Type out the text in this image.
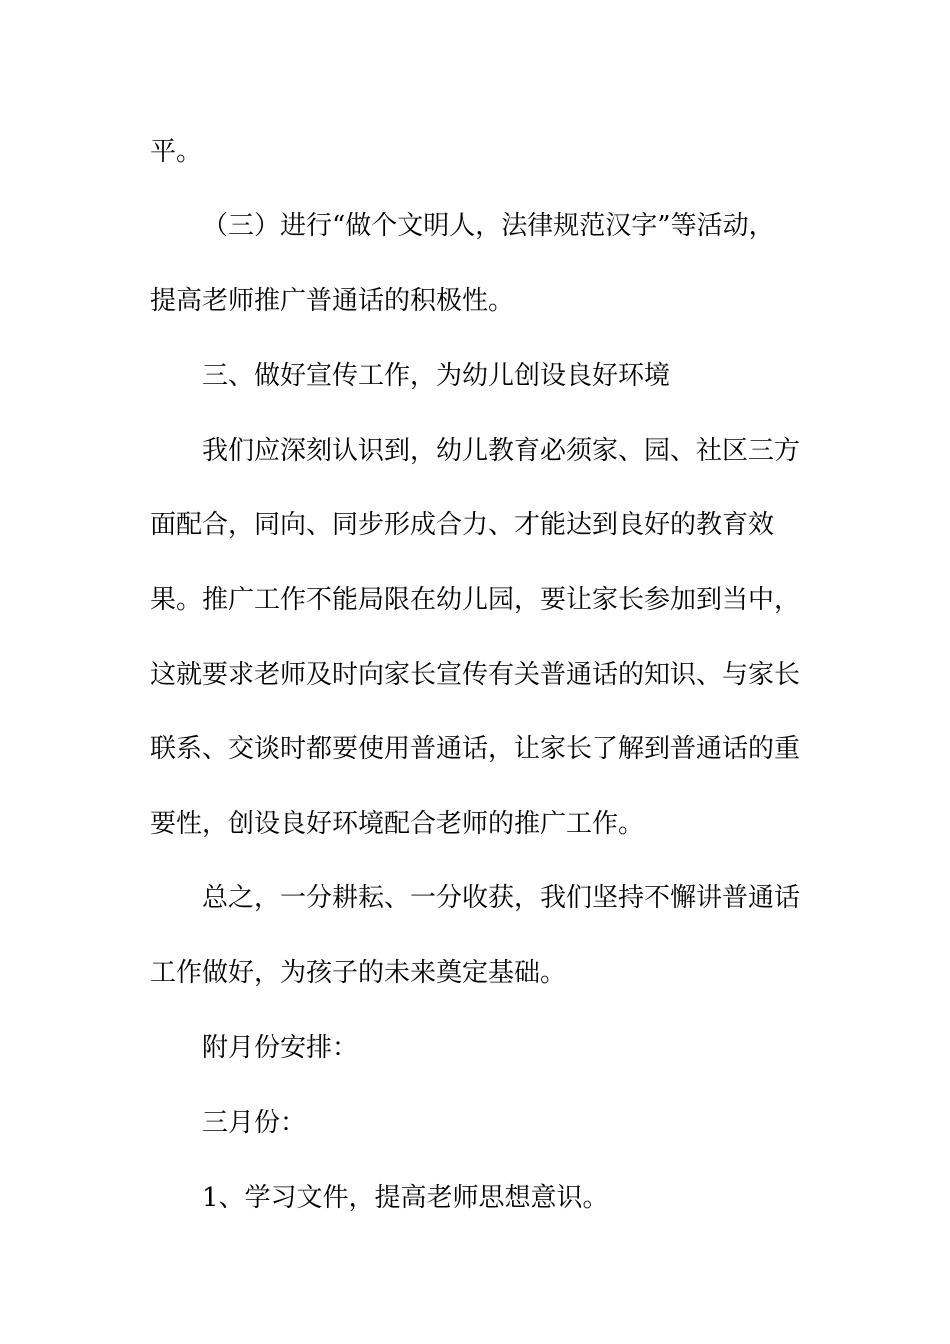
平。
（三）进行“做个文明人，法律规范汉字”等活动，
提高老师推广普通话的积极性。
三、做好宣传工作，为幼儿创设良好环境
我们应深刻认识到，幼儿教育必须家、园、社区三方
面配合，同向、同步形成合力、才能达到良好的教育效
果。推广工作不能局限在幼儿园，要让家长参加到当中，
这就要求老师及时向家长宣传有关普通话的知识、与家长
联系、交谈时都要使用普通话，让家长了解到普通话的重
要性，创设良好环境配合老师的推广工作。
总之，一分耕耘、一分收获，我们坚持不懈讲普通话
工作做好，为孩子的未来奠定基础。
附月份安排：
三月份：
1、学习文件，提高老师思想意识。
